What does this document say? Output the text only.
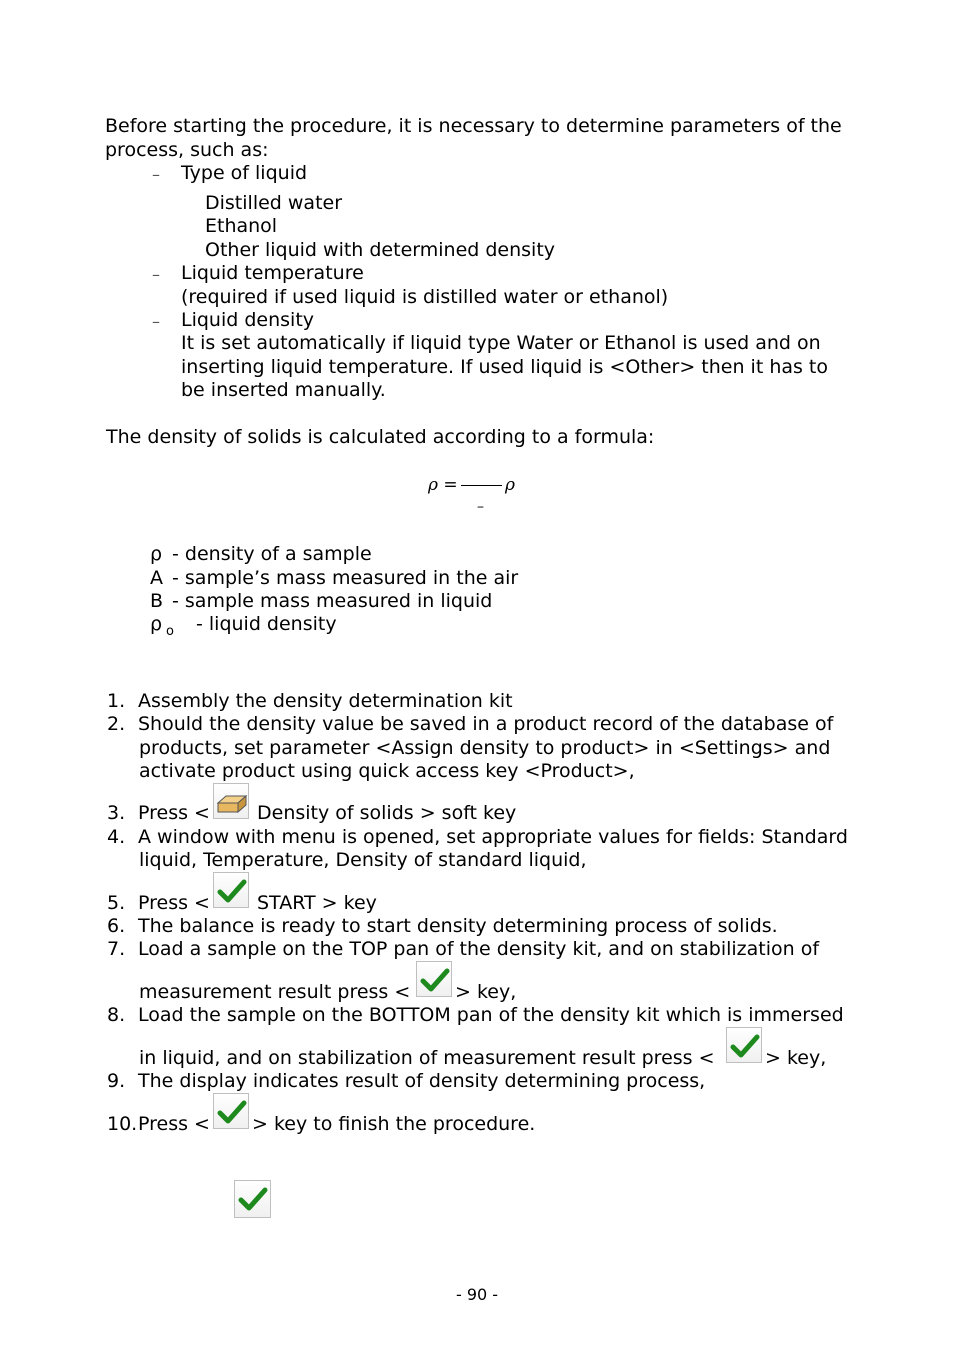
Before starting the procedure, it is necessary to determine parameters of the
process, such as:
– Type of liquid
Distilled water
Ethanol
Other liquid with determined density
– Liquid temperature
(required if used liquid is distilled water or ethanol)
– Liquid density
It is set automatically if liquid type Water or Ethanol is used and on
inserting liquid temperature. If used liquid is <Other> then it has to
be inserted manually.
The density of solids is calculated according to a formula:
ρ =	ρ
–
ρ - density of a sample
A - sample’s mass measured in the air
B - sample mass measured in liquid
ρ o - liquid density
1. Assembly the density determination kit
2. Should the density value be saved in a product record of the database of
products, set parameter <Assign density to product> in <Settings> and
activate product using quick access key <Product>,
3. Press < Density of solids > soft key
4. A window with menu is opened, set appropriate values for fields: Standard
liquid, Temperature, Density of standard liquid,
5. Press < START > key
6. The balance is ready to start density determining process of solids.
7. Load a sample on the TOP pan of the density kit, and on stabilization of
measurement result press < > key,
8. Load the sample on the BOTTOM pan of the density kit which is immersed
in liquid, and on stabilization of measurement result press <	> key,
9. The display indicates result of density determining process,
10. Press < > key to finish the procedure.
- 90 -
